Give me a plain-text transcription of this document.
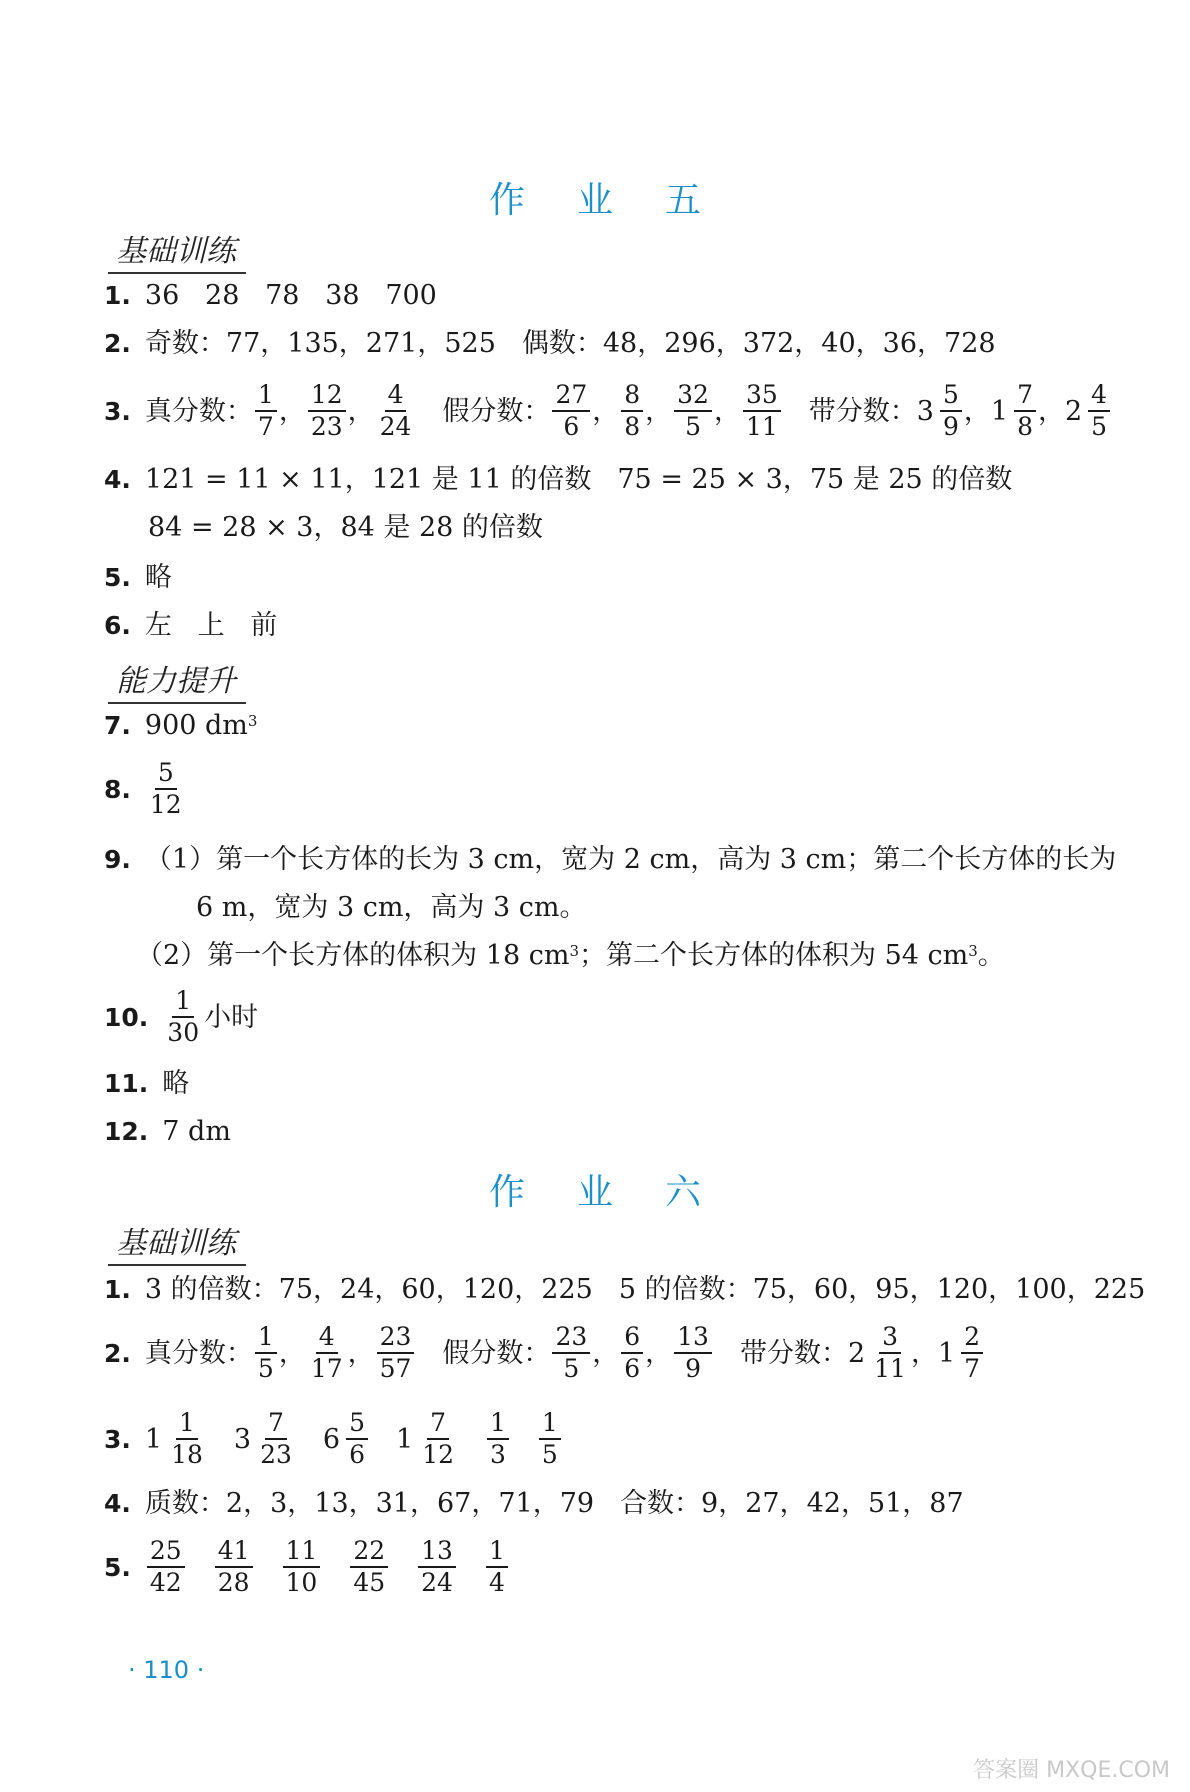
作 业 五
基础训练
1. 36   28   78   38   700
2. 奇数：77，135，271，525 偶数：48，296，372，40，36，728
3. 真分数： $\frac{1}{7}$ ， $\frac{12}{23}$ ， $\frac{4}{24}$ 假分数： $\frac{27}{6}$ ， $\frac{8}{8}$ ， $\frac{32}{5}$ ， $\frac{35}{11}$ 带分数： $3 \frac{5}{9}$ ， $1 \frac{7}{8}$ ， $2 \frac{4}{5}$
4. 121 = 11 × 11，121 是 11 的倍数 75 = 25 × 3，75 是 25 的倍数
84 = 28 × 3，84 是 28 的倍数
5. 略
6. 左   上   前
能力提升
7. 900 $dm^3$
8. $\frac{5}{12}$
9. （1）第一个长方体的长为 3 cm，宽为 2 cm，高为 3 cm；第二个长方体的长为
6 m，宽为 3 cm，高为 3 cm。
（2）第一个长方体的体积为 18 $cm^3$ ；第二个长方体的体积为 54 $cm^3$ 。
10. $\frac{1}{30}$ 小时
11. 略
12. 7 dm
作 业 六
基础训练
1. 3 的倍数：75，24，60，120，225 5 的倍数：75，60，95，120，100，225
2. 真分数： $\frac{1}{5}$ ， $\frac{4}{17}$ ， $\frac{23}{57}$ 假分数： $\frac{23}{5}$ ， $\frac{6}{6}$ ， $\frac{13}{9}$ 带分数： $2 \frac{3}{11}$ ， $1 \frac{2}{7}$
3. $1 \frac{1}{18} 3 \frac{7}{23} 6 \frac{5}{6} 1 \frac{7}{12} \frac{1}{3} \frac{1}{5}$
4. 质数：2，3，13，31，67，71，79 合数：9，27，42，51，87
5. $\frac{25}{42} \frac{41}{28} \frac{11}{10} \frac{22}{45} \frac{13}{24} \frac{1}{4}$
· 110 ·
答案圈 MXQE.COM
